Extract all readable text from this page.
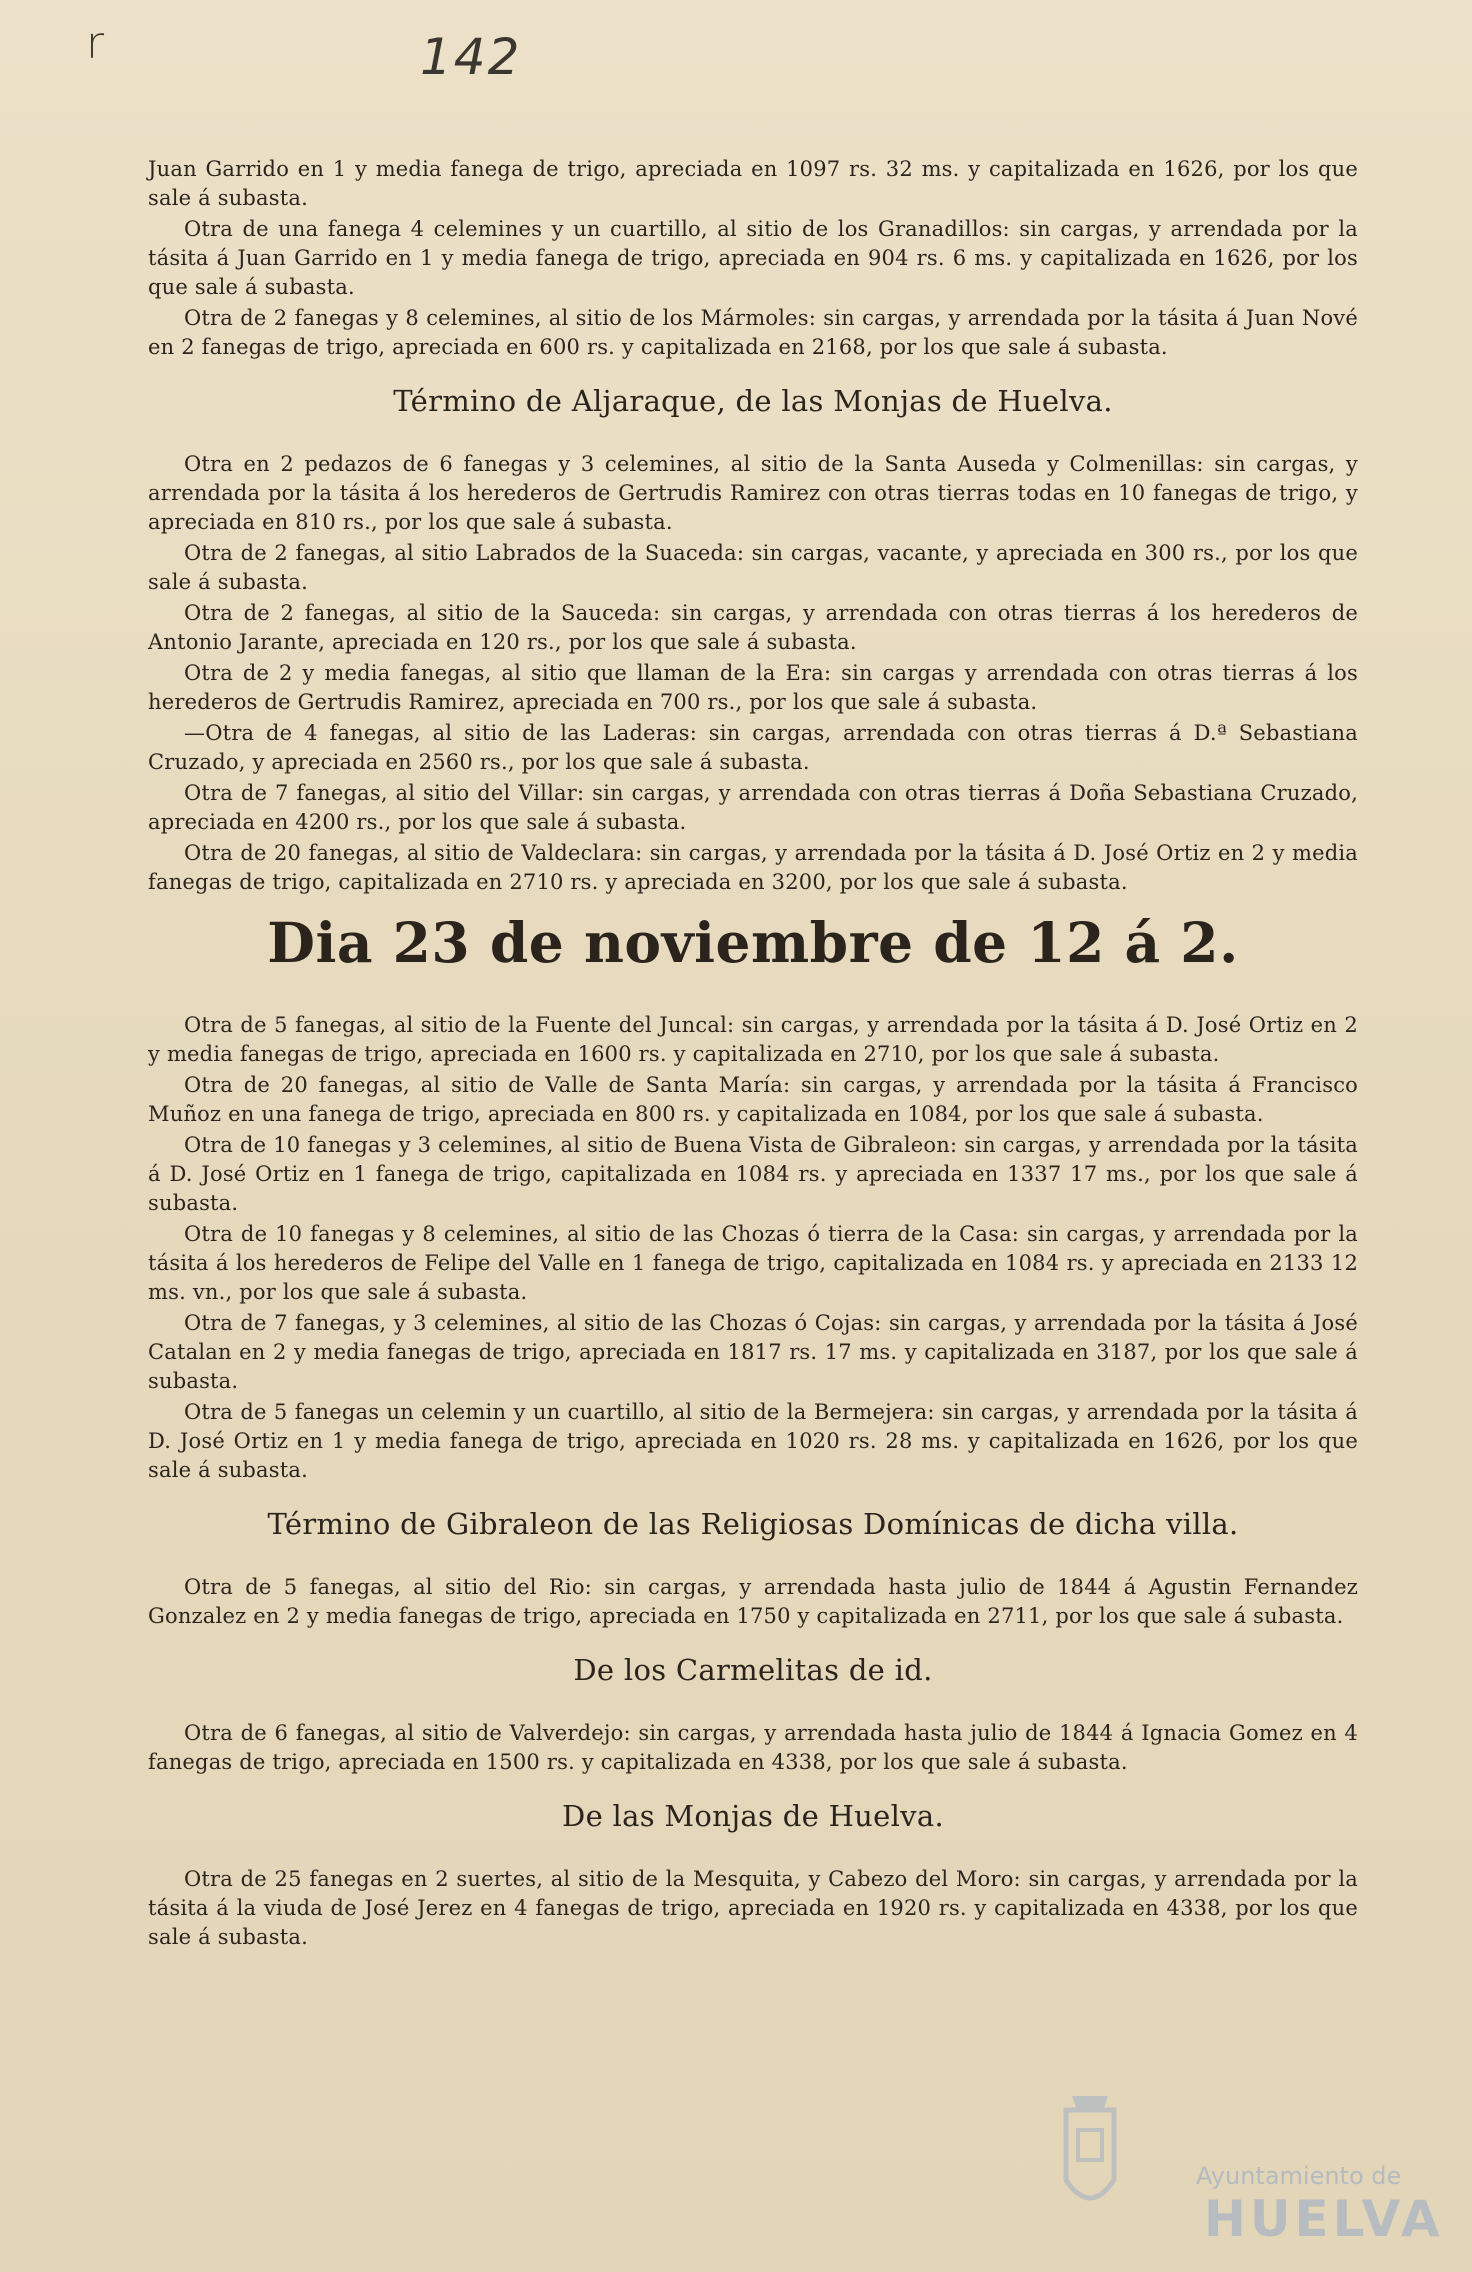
r	142

Juan Garrido en 1 y media fanega de trigo, apreciada en 1097 rs. 32 ms. y capitalizada en 1626, por los que sale á subasta.

Otra de una fanega 4 celemines y un cuartillo, al sitio de los Granadillos: sin cargas, y arrendada por la tásita á Juan Garrido en 1 y media fanega de trigo, apreciada en 904 rs. 6 ms. y capitalizada en 1626, por los que sale á subasta.

Otra de 2 fanegas y 8 celemines, al sitio de los Mármoles: sin cargas, y arrendada por la tásita á Juan Nové en 2 fanegas de trigo, apreciada en 600 rs. y capitalizada en 2168, por los que sale á subasta.

Término de Aljaraque, de las Monjas de Huelva.

Otra en 2 pedazos de 6 fanegas y 3 celemines, al sitio de la Santa Auseda y Colmenillas: sin cargas, y arrendada por la tásita á los herederos de Gertrudis Ramirez con otras tierras todas en 10 fanegas de trigo, y apreciada en 810 rs., por los que sale á subasta.

Otra de 2 fanegas, al sitio Labrados de la Suaceda: sin cargas, vacante, y apreciada en 300 rs., por los que sale á subasta.

Otra de 2 fanegas, al sitio de la Sauceda: sin cargas, y arrendada con otras tierras á los herederos de Antonio Jarante, apreciada en 120 rs., por los que sale á subasta.

Otra de 2 y media fanegas, al sitio que llaman de la Era: sin cargas y arrendada con otras tierras á los herederos de Gertrudis Ramirez, apreciada en 700 rs., por los que sale á subasta.

—Otra de 4 fanegas, al sitio de las Laderas: sin cargas, arrendada con otras tierras á D.ª Sebastiana Cruzado, y apreciada en 2560 rs., por los que sale á subasta.

Otra de 7 fanegas, al sitio del Villar: sin cargas, y arrendada con otras tierras á Doña Sebastiana Cruzado, apreciada en 4200 rs., por los que sale á subasta.

Otra de 20 fanegas, al sitio de Valdeclara: sin cargas, y arrendada por la tásita á D. José Ortiz en 2 y media fanegas de trigo, capitalizada en 2710 rs. y apreciada en 3200, por los que sale á subasta.

Dia 23 de noviembre de 12 á 2.

Otra de 5 fanegas, al sitio de la Fuente del Juncal: sin cargas, y arrendada por la tásita á D. José Ortiz en 2 y media fanegas de trigo, apreciada en 1600 rs. y capitalizada en 2710, por los que sale á subasta.

Otra de 20 fanegas, al sitio de Valle de Santa María: sin cargas, y arrendada por la tásita á Francisco Muñoz en una fanega de trigo, apreciada en 800 rs. y capitalizada en 1084, por los que sale á subasta.

Otra de 10 fanegas y 3 celemines, al sitio de Buena Vista de Gibraleon: sin cargas, y arrendada por la tásita á D. José Ortiz en 1 fanega de trigo, capitalizada en 1084 rs. y apreciada en 1337 17 ms., por los que sale á subasta.

Otra de 10 fanegas y 8 celemines, al sitio de las Chozas ó tierra de la Casa: sin cargas, y arrendada por la tásita á los herederos de Felipe del Valle en 1 fanega de trigo, capitalizada en 1084 rs. y apreciada en 2133 12 ms. vn., por los que sale á subasta.

Otra de 7 fanegas, y 3 celemines, al sitio de las Chozas ó Cojas: sin cargas, y arrendada por la tásita á José Catalan en 2 y media fanegas de trigo, apreciada en 1817 rs. 17 ms. y capitalizada en 3187, por los que sale á subasta.

Otra de 5 fanegas un celemin y un cuartillo, al sitio de la Bermejera: sin cargas, y arrendada por la tásita á D. José Ortiz en 1 y media fanega de trigo, apreciada en 1020 rs. 28 ms. y capitalizada en 1626, por los que sale á subasta.

Término de Gibraleon de las Religiosas Domínicas de dicha villa.

Otra de 5 fanegas, al sitio del Rio: sin cargas, y arrendada hasta julio de 1844 á Agustin Fernandez Gonzalez en 2 y media fanegas de trigo, apreciada en 1750 y capitalizada en 2711, por los que sale á subasta.

De los Carmelitas de id.

Otra de 6 fanegas, al sitio de Valverdejo: sin cargas, y arrendada hasta julio de 1844 á Ignacia Gomez en 4 fanegas de trigo, apreciada en 1500 rs. y capitalizada en 4338, por los que sale á subasta.

De las Monjas de Huelva.

Otra de 25 fanegas en 2 suertes, al sitio de la Mesquita, y Cabezo del Moro: sin cargas, y arrendada por la tásita á la viuda de José Jerez en 4 fanegas de trigo, apreciada en 1920 rs. y capitalizada en 4338, por los que sale á subasta.

Ayuntamiento de
HUELVA
